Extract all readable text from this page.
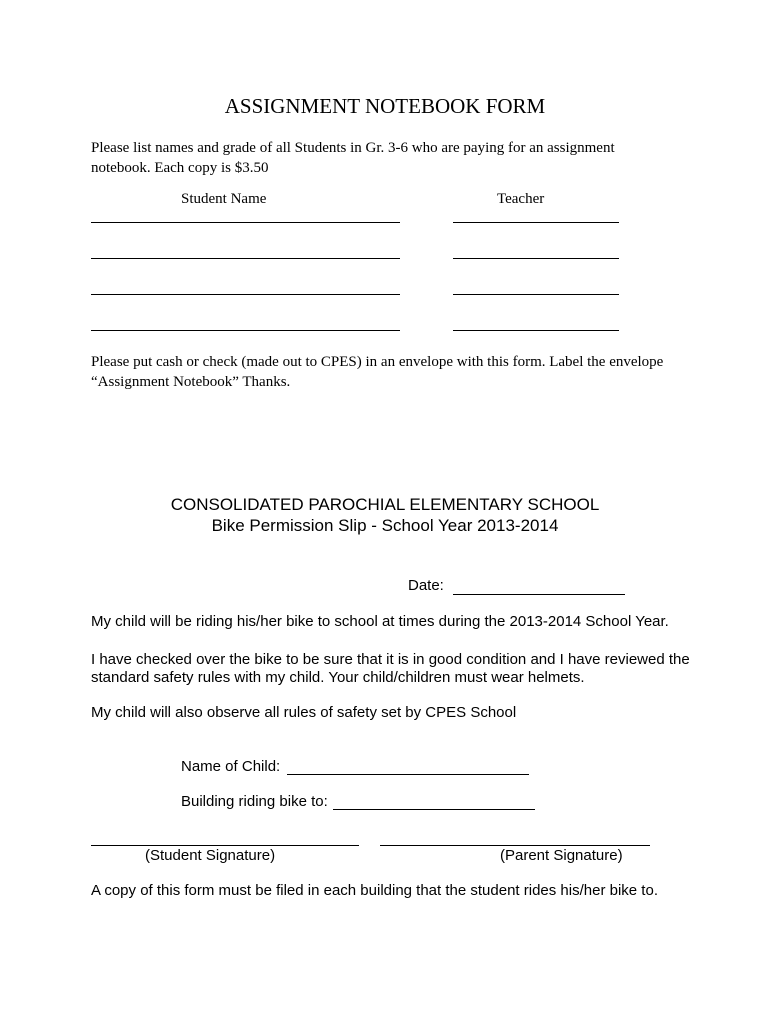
ASSIGNMENT NOTEBOOK FORM
Please list names and grade of all Students in Gr. 3-6 who are paying for an assignment notebook. Each copy is $3.50
Student Name	Teacher
Please put cash or check (made out to CPES) in an envelope with this form. Label the envelope “Assignment Notebook” Thanks.
CONSOLIDATED PAROCHIAL ELEMENTARY SCHOOL
Bike Permission Slip - School Year 2013-2014
Date:
My child will be riding his/her bike to school at times during the 2013-2014 School Year.
I have checked over the bike to be sure that it is in good condition and I have reviewed the standard safety rules with my child. Your child/children must wear helmets.
My child will also observe all rules of safety set by CPES School
Name of Child:
Building riding bike to:
(Student Signature)	(Parent Signature)
A copy of this form must be filed in each building that the student rides his/her bike to.
